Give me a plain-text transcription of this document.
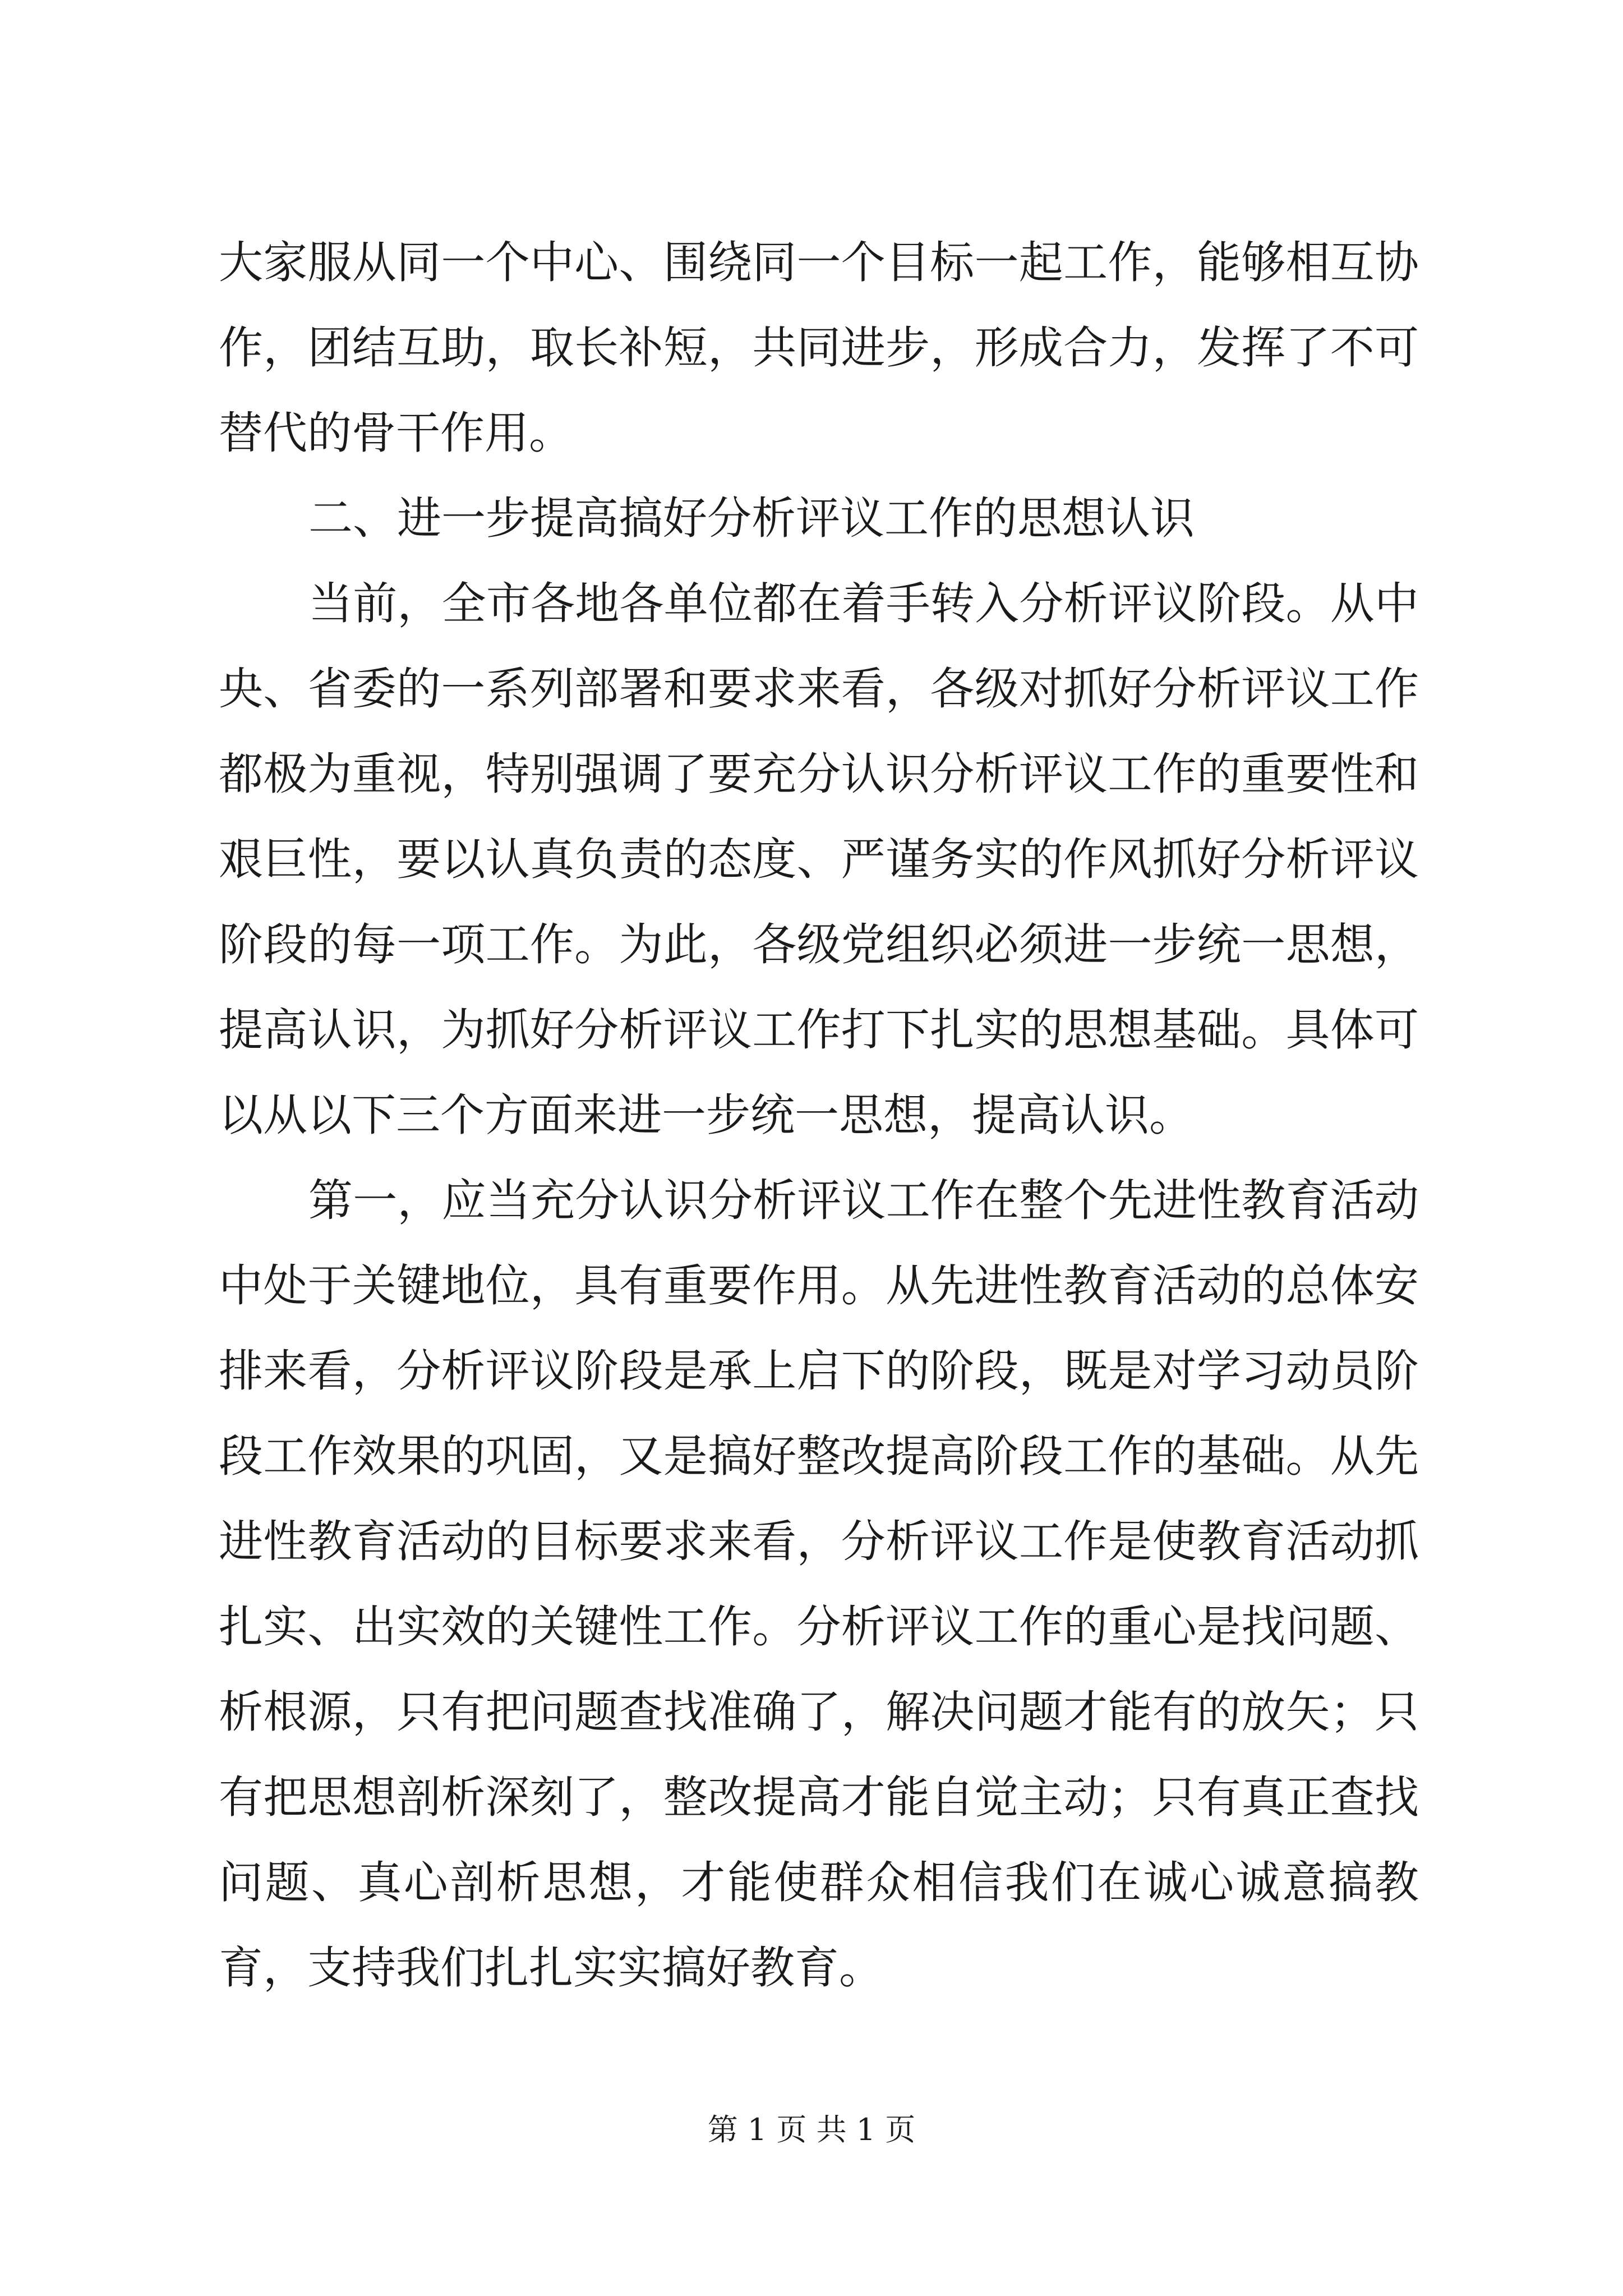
大家服从同一个中心、围绕同一个目标一起工作，能够相互协作，团结互助，取长补短，共同进步，形成合力，发挥了不可替代的骨干作用。

二、进一步提高搞好分析评议工作的思想认识

当前，全市各地各单位都在着手转入分析评议阶段。从中央、省委的一系列部署和要求来看，各级对抓好分析评议工作都极为重视，特别强调了要充分认识分析评议工作的重要性和艰巨性，要以认真负责的态度、严谨务实的作风抓好分析评议阶段的每一项工作。为此，各级党组织必须进一步统一思想，提高认识，为抓好分析评议工作打下扎实的思想基础。具体可以从以下三个方面来进一步统一思想，提高认识。

第一，应当充分认识分析评议工作在整个先进性教育活动中处于关键地位，具有重要作用。从先进性教育活动的总体安排来看，分析评议阶段是承上启下的阶段，既是对学习动员阶段工作效果的巩固，又是搞好整改提高阶段工作的基础。从先进性教育活动的目标要求来看，分析评议工作是使教育活动抓扎实、出实效的关键性工作。分析评议工作的重心是找问题、析根源，只有把问题查找准确了，解决问题才能有的放矢；只有把思想剖析深刻了，整改提高才能自觉主动；只有真正查找问题、真心剖析思想，才能使群众相信我们在诚心诚意搞教育，支持我们扎扎实实搞好教育。

第 1 页 共 1 页
